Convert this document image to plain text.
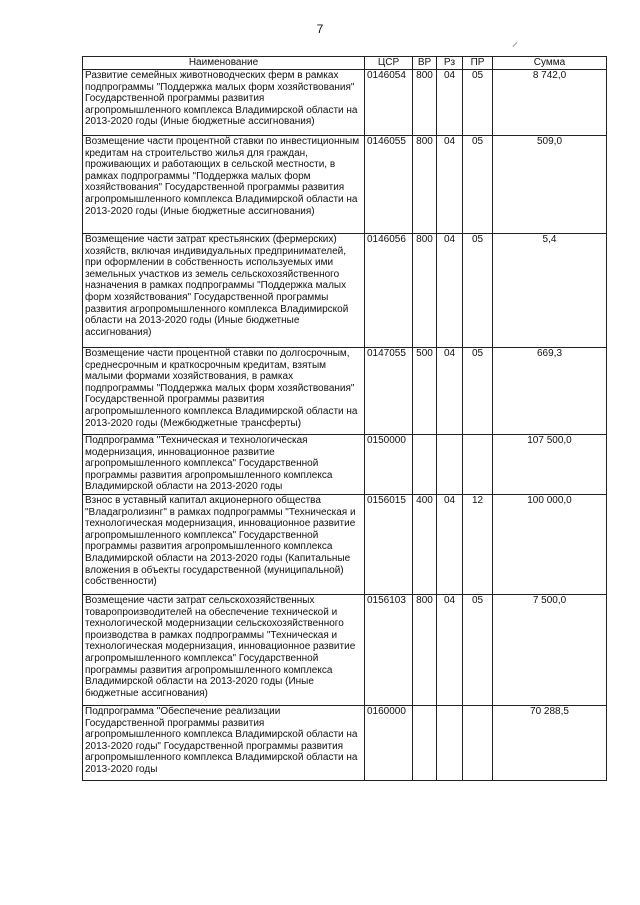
7
Наименование	ЦСР	ВР	Рз	ПР	Сумма
Развитие семейных животноводческих ферм в рамках подпрограммы "Поддержка малых форм хозяйствования" Государственной программы развития агропромышленного комплекса Владимирской области на 2013-2020 годы (Иные бюджетные ассигнования)	0146054	800	04	05	8 742,0
Возмещение части процентной ставки по инвестиционным кредитам на строительство жилья для граждан, проживающих и работающих в сельской местности, в рамках подпрограммы "Поддержка малых форм хозяйствования" Государственной программы развития агропромышленного комплекса Владимирской области на 2013-2020 годы (Иные бюджетные ассигнования)	0146055	800	04	05	509,0
Возмещение части затрат крестьянских (фермерских) хозяйств, включая индивидуальных предпринимателей, при оформлении в собственность используемых ими земельных участков из земель сельскохозяйственного назначения в рамках подпрограммы "Поддержка малых форм хозяйствования" Государственной программы развития агропромышленного комплекса Владимирской области на 2013-2020 годы (Иные бюджетные ассигнования)	0146056	800	04	05	5,4
Возмещение части процентной ставки по долгосрочным, среднесрочным и краткосрочным кредитам, взятым малыми формами хозяйствования, в рамках подпрограммы "Поддержка малых форм хозяйствования" Государственной программы развития агропромышленного комплекса Владимирской области на 2013-2020 годы (Межбюджетные трансферты)	0147055	500	04	05	669,3
Подпрограмма "Техническая и технологическая модернизация, инновационное развитие агропромышленного комплекса" Государственной программы развития агропромышленного комплекса Владимирской области на 2013-2020 годы	0150000				107 500,0
Взнос в уставный капитал акционерного общества "Владагролизинг" в рамках подпрограммы "Техническая и технологическая модернизация, инновационное развитие агропромышленного комплекса" Государственной программы развития агропромышленного комплекса Владимирской области на 2013-2020 годы (Капитальные вложения в объекты государственной (муниципальной) собственности)	0156015	400	04	12	100 000,0
Возмещение части затрат сельскохозяйственных товаропроизводителей на обеспечение технической и технологической модернизации сельскохозяйственного производства в рамках подпрограммы "Техническая и технологическая модернизация, инновационное развитие агропромышленного комплекса" Государственной программы развития агропромышленного комплекса Владимирской области на 2013-2020 годы (Иные бюджетные ассигнования)	0156103	800	04	05	7 500,0
Подпрограмма "Обеспечение реализации Государственной программы развития агропромышленного комплекса Владимирской области на 2013-2020 годы" Государственной программы развития агропромышленного комплекса Владимирской области на 2013-2020 годы	0160000				70 288,5
